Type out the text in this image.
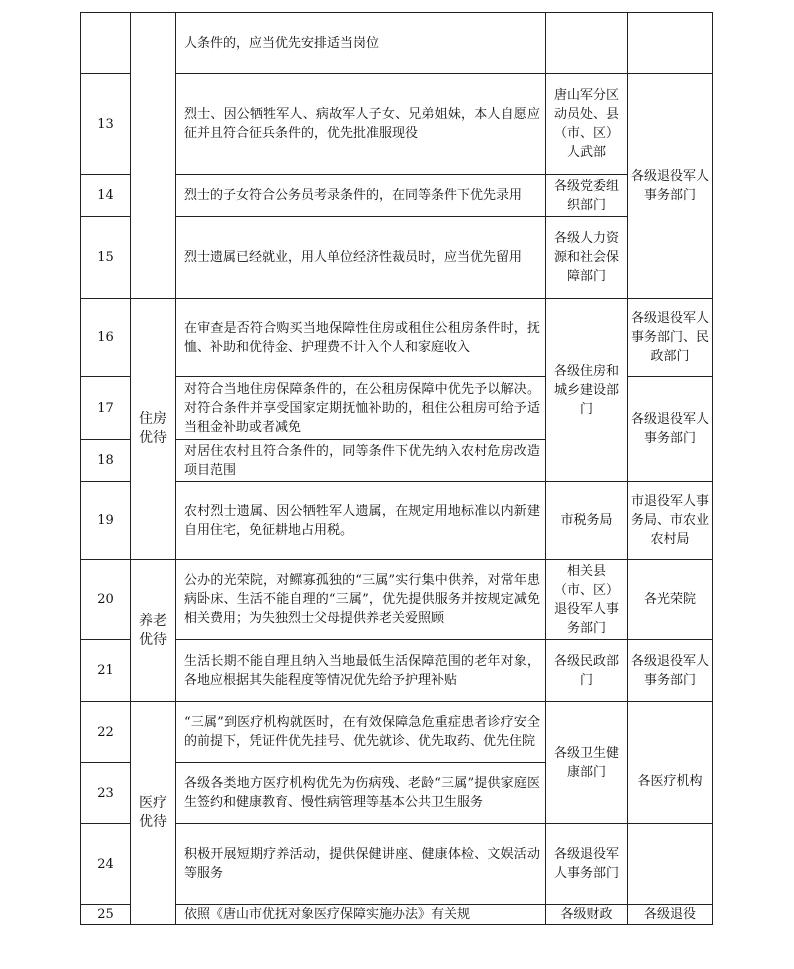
		人条件的，应当优先安排适当岗位		
13		烈士、因公牺牲军人、病故军人子女、兄弟姐妹，本人自愿应征并且符合征兵条件的，优先批准服现役	唐山军分区动员处、县（市、区）人武部	各级退役军人事务部门
14		烈士的子女符合公务员考录条件的，在同等条件下优先录用	各级党委组织部门	
15		烈士遗属已经就业，用人单位经济性裁员时，应当优先留用	各级人力资源和社会保障部门	
16	住房优待	在审查是否符合购买当地保障性住房或租住公租房条件时，抚恤、补助和优待金、护理费不计入个人和家庭收入	各级住房和城乡建设部门	各级退役军人事务部门、民政部门
17		对符合当地住房保障条件的，在公租房保障中优先予以解决。对符合条件并享受国家定期抚恤补助的，租住公租房可给予适当租金补助或者减免		各级退役军人事务部门
18		对居住农村且符合条件的，同等条件下优先纳入农村危房改造项目范围		
19		农村烈士遗属、因公牺牲军人遗属，在规定用地标准以内新建自用住宅，免征耕地占用税。	市税务局	市退役军人事务局、市农业农村局
20	养老优待	公办的光荣院，对鳏寡孤独的“三属”实行集中供养，对常年患病卧床、生活不能自理的“三属”，优先提供服务并按规定减免相关费用；为失独烈士父母提供养老关爱照顾	相关县（市、区）退役军人事务部门	各光荣院
21		生活长期不能自理且纳入当地最低生活保障范围的老年对象，各地应根据其失能程度等情况优先给予护理补贴	各级民政部门	各级退役军人事务部门
22	医疗优待	“三属”到医疗机构就医时，在有效保障急危重症患者诊疗安全的前提下，凭证件优先挂号、优先就诊、优先取药、优先住院	各级卫生健康部门	各医疗机构
23		各级各类地方医疗机构优先为伤病残、老龄“三属”提供家庭医生签约和健康教育、慢性病管理等基本公共卫生服务		
24		积极开展短期疗养活动，提供保健讲座、健康体检、文娱活动等服务	各级退役军人事务部门	
25		依照《唐山市优抚对象医疗保障实施办法》有关规	各级财政	各级退役
